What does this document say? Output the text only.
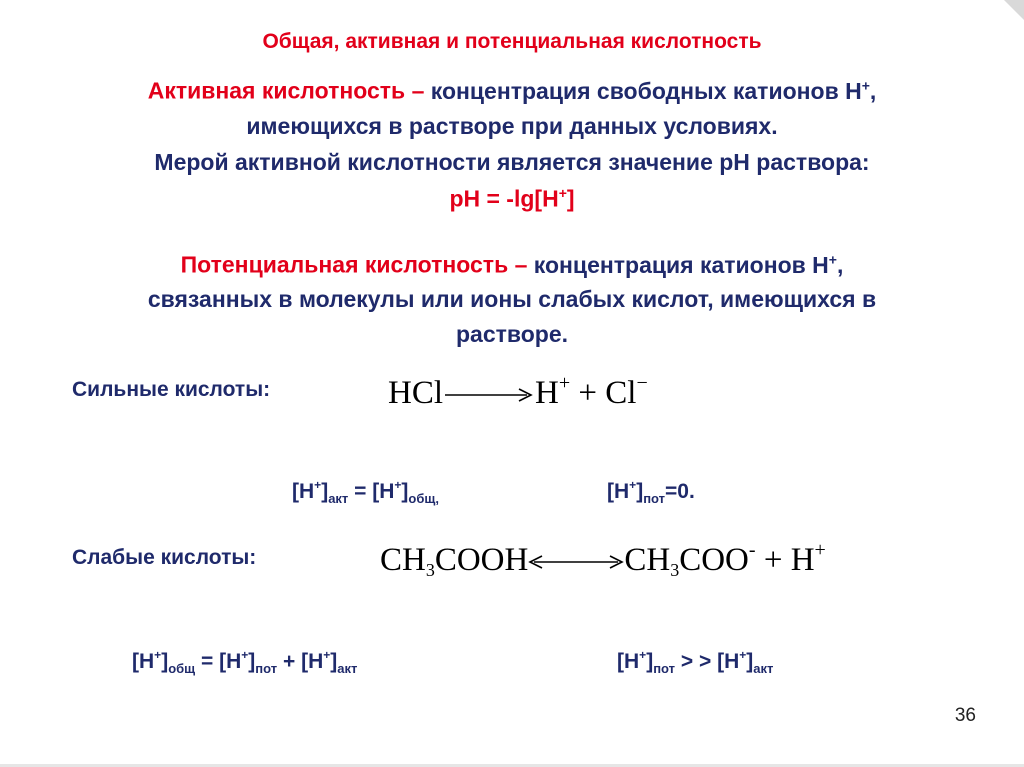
Общая, активная и потенциальная кислотность
Активная кислотность – концентрация свободных катионов Н+,
имеющихся в растворе при данных условиях.
Мерой активной кислотности является значение рН раствора:
рН = -lg[H+]
Потенциальная кислотность – концентрация катионов Н+,
связанных в молекулы или ионы слабых кислот, имеющихся в
растворе.
Сильные кислоты:	HCl	H+ + Cl−
$[Н^+]_{акт} = [Н^+]_{общ,}$	$[Н^+]_{пот}=0$.
Слабые кислоты:	$CH_3COOH$	$CH_3COO^- + H^+$
$[Н^+]_{общ} = [Н^+]_{пот} + [Н^+]_{акт}$	$[Н^+]_{пот}$ > > $[Н^+]_{акт}$
36
